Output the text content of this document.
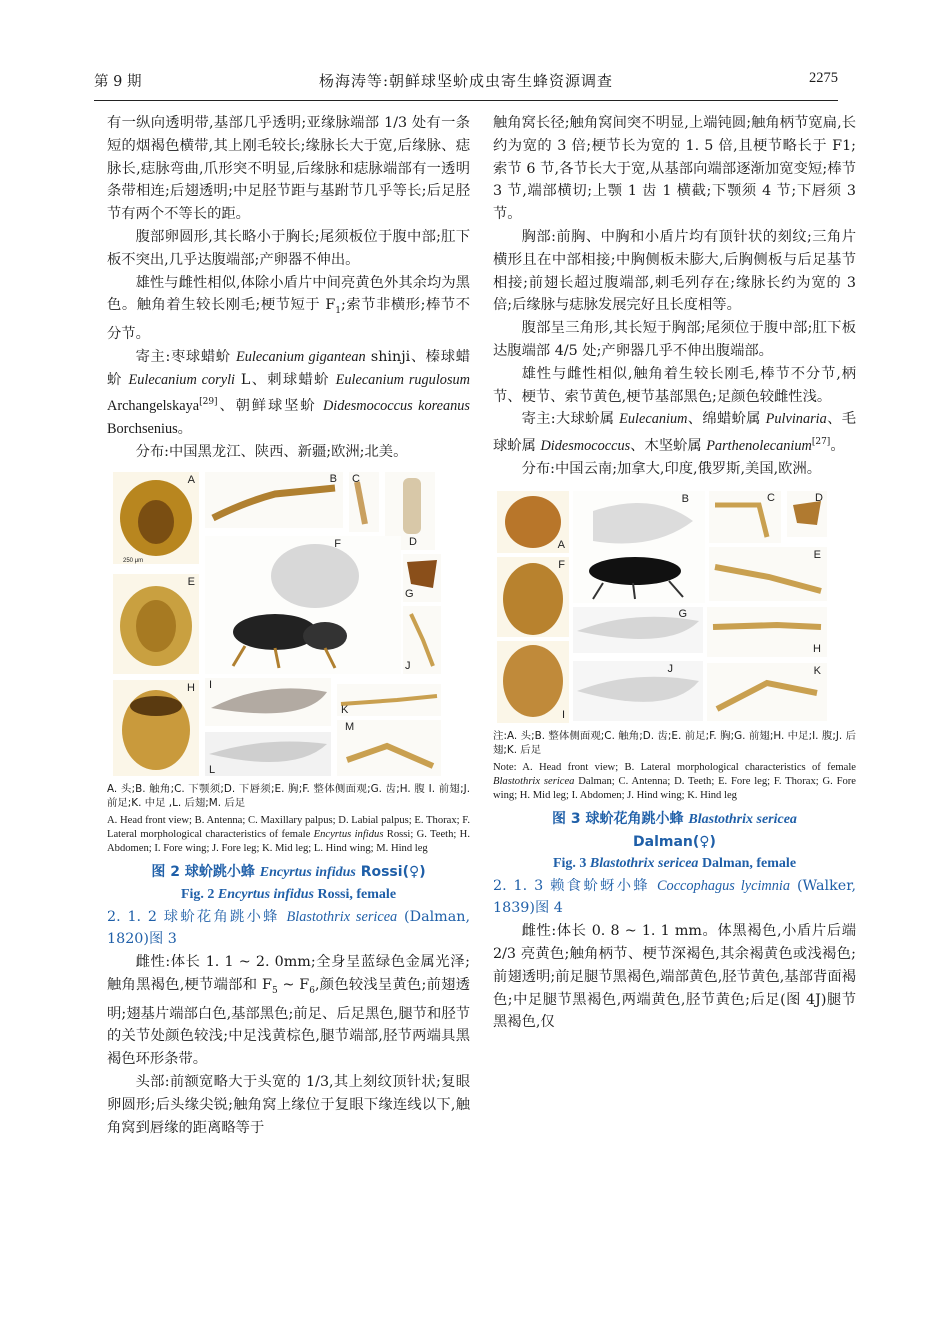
第 9 期	杨海涛等:朝鲜球坚蚧成虫寄生蜂资源调查	2275

有一纵向透明带,基部几乎透明;亚缘脉端部 1/3 处有一条短的烟褐色横带,其上刚毛较长;缘脉长大于宽,后缘脉、痣脉长,痣脉弯曲,爪形突不明显,后缘脉和痣脉端部有一透明条带相连;后翅透明;中足胫节距与基跗节几乎等长;后足胫节有两个不等长的距。

腹部卵圆形,其长略小于胸长;尾须板位于腹中部;肛下板不突出,几乎达腹端部;产卵器不伸出。

雄性与雌性相似,体除小盾片中间亮黄色外其余均为黑色。触角着生较长刚毛;梗节短于 $F_1$;索节非横形;棒节不分节。

寄主:枣球蜡蚧 Eulecanium gigantean shinji、榛球蜡蚧 Eulecanium coryli L、刺球蜡蚧 Eulecanium rugulosum Archangelskaya[29]、朝鲜球坚蚧 Didesmococcus koreanus Borchsenius。

分布:中国黑龙江、陕西、新疆;欧洲;北美。

A
250 μm
B C
D
F
G
E
J
H I
K
L
M
A. 头;B. 触角;C. 下颚须;D. 下唇须;E. 胸;F. 整体侧面观;G. 齿;H. 腹 I. 前翅;J. 前足;K. 中足 ,L. 后翅;M. 后足
A. Head front view; B. Antenna; C. Maxillary palpus; D. Labial palpus; E. Thorax; F. Lateral morphological characteristics of female Encyrtus infidus Rossi; G. Teeth; H. Abdomen; I. Fore wing; J. Fore leg; K. Mid leg; L. Hind wing; M. Hind leg
图 2 球蚧跳小蜂 Encyrtus infidus Rossi(♀)
Fig. 2 Encyrtus infidus Rossi, female

2. 1. 2 球蚧花角跳小蜂 Blastothrix sericea (Dalman, 1820)图 3

雌性:体长 1. 1 ~ 2. 0mm;全身呈蓝绿色金属光泽;触角黑褐色,梗节端部和 $F_5$ ~ $F_6$,颜色较浅呈黄色;前翅透明;翅基片端部白色,基部黑色;前足、后足黑色,腿节和胫节的关节处颜色较浅;中足浅黄棕色,腿节端部,胫节两端具黑褐色环形条带。

头部:前额宽略大于头宽的 1/3,其上刻纹顶针状;复眼卵圆形;后头缘尖锐;触角窝上缘位于复眼下缘连线以下,触角窝到唇缘的距离略等于

触角窝长径;触角窝间突不明显,上端钝圆;触角柄节宽扁,长约为宽的 3 倍;梗节长为宽的 1. 5 倍,且梗节略长于 F1;索节 6 节,各节长大于宽,从基部向端部逐渐加宽变短;棒节 3 节,端部横切;上颚 1 齿 1 横截;下颚须 4 节;下唇须 3 节。

胸部:前胸、中胸和小盾片均有顶针状的刻纹;三角片横形且在中部相接;中胸侧板未膨大,后胸侧板与后足基节相接;前翅长超过腹端部,刺毛列存在;缘脉长约为宽的 3 倍;后缘脉与痣脉发展完好且长度相等。

腹部呈三角形,其长短于胸部;尾须位于腹中部;肛下板达腹端部 4/5 处;产卵器几乎不伸出腹端部。

雄性与雌性相似,触角着生较长刚毛,棒节不分节,柄节、梗节、索节黄色,梗节基部黑色;足颜色较雌性浅。

寄主:大球蚧属 Eulecanium、绵蜡蚧属 Pulvinaria、毛球蚧属 Didesmococcus、木坚蚧属 Parthenolecanium[27]。

分布:中国云南;加拿大,印度,俄罗斯,美国,欧洲。

A
B	C	D
E
F
G
H
I
J	K
注:A. 头;B. 整体侧面观;C. 触角;D. 齿;E. 前足;F. 胸;G. 前翅;H. 中足;I. 腹;J. 后翅;K. 后足
Note: A. Head front view; B. Lateral morphological characteristics of female Blastothrix sericea Dalman; C. Antenna; D. Teeth; E. Fore leg; F. Thorax; G. Fore wing; H. Mid leg; I. Abdomen; J. Hind wing; K. Hind leg
图 3 球蚧花角跳小蜂 Blastothrix sericea
Dalman(♀)
Fig. 3 Blastothrix sericea Dalman, female

2. 1. 3 赖食蚧蚜小蜂 Coccophagus lycimnia (Walker, 1839)图 4

雌性:体长 0. 8 ~ 1. 1 mm。体黑褐色,小盾片后端 2/3 亮黄色;触角柄节、梗节深褐色,其余褐黄色或浅褐色;前翅透明;前足腿节黑褐色,端部黄色,胫节黄色,基部背面褐色;中足腿节黑褐色,两端黄色,胫节黄色;后足(图 4J)腿节黑褐色,仅
